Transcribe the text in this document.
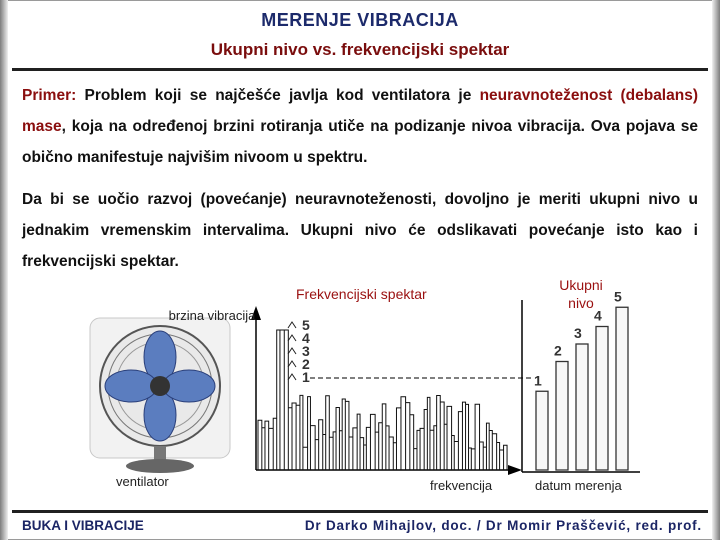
MERENJE VIBRACIJA
Ukupni nivo vs. frekvencijski spektar
Primer: Problem koji se najčešće javlja kod ventilatora je neuravnoteženost (debalans) mase, koja na određenoj brzini rotiranja utiče na podizanje nivoa vibracija. Ova pojava se obično manifestuje najvišim nivoom u spektru.
Da bi se uočio razvoj (povećanje) neuravnoteženosti, dovoljno je meriti ukupni nivo u jednakim vremenskim intervalima. Ukupni nivo će odslikavati povećanje isto kao i frekvencijski spektar.
5
4
3
2
1	1
2
3
4
5
brzina vibracija
Frekvencijski spektar
Ukupni nivo
ventilator	frekvencija	datum merenja
BUKA I VIBRACIJE	Dr Darko Mihajlov, doc. / Dr Momir Praščević, red. prof.
